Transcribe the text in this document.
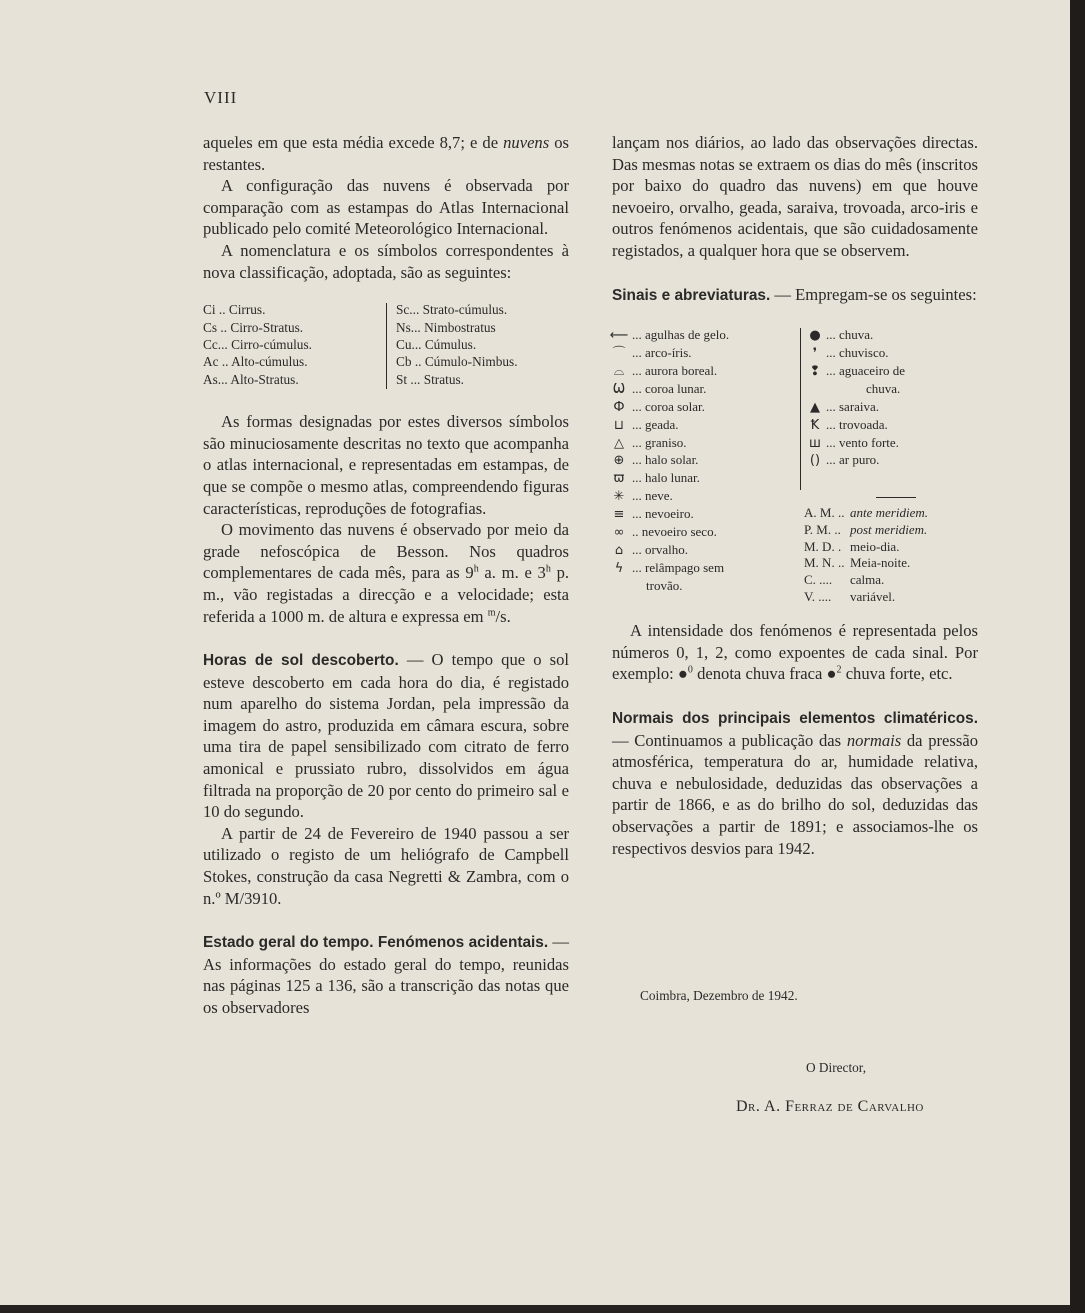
VIII

aqueles em que esta média excede 8,7; e de nuvens os restantes.

A configuração das nuvens é observada por comparação com as estampas do Atlas Internacional publicado pelo comité Meteorológico Internacional.

A nomenclatura e os símbolos correspondentes à nova classificação, adoptada, são as seguintes:

Ci .. Cirrus.
Cs .. Cirro-Stratus.
Cc... Cirro-cúmulus.
Ac .. Alto-cúmulus.
As... Alto-Stratus.
Sc... Strato-cúmulus.
Ns... Nimbostratus
Cu... Cúmulus.
Cb .. Cúmulo-Nimbus.
St ... Stratus.

As formas designadas por estes diversos símbolos são minuciosamente descritas no texto que acompanha o atlas internacional, e representadas em estampas, de que se compõe o mesmo atlas, compreendendo figuras características, reproduções de fotografias.

O movimento das nuvens é observado por meio da grade nefoscópica de Besson. Nos quadros complementares de cada mês, para as 9$^h$ a. m. e 3$^h$ p. m., vão registadas a direcção e a velocidade; esta referida a 1000 m. de altura e expressa em $^m$/s.

Horas de sol descoberto. — O tempo que o sol esteve descoberto em cada hora do dia, é registado num aparelho do sistema Jordan, pela impressão da imagem do astro, produzida em câmara escura, sobre uma tira de papel sensibilizado com citrato de ferro amonical e prussiato rubro, dissolvidos em água filtrada na proporção de 20 por cento do primeiro sal e 10 do segundo.

A partir de 24 de Fevereiro de 1940 passou a ser utilizado o registo de um heliógrafo de Campbell Stokes, construção da casa Negretti & Zambra, com o n.º M/3910.

Estado geral do tempo. Fenómenos acidentais. — As informações do estado geral do tempo, reunidas nas páginas 125 a 136, são a transcrição das notas que os observadores

lançam nos diários, ao lado das observações directas. Das mesmas notas se extraem os dias do mês (inscritos por baixo do quadro das nuvens) em que houve nevoeiro, orvalho, geada, saraiva, trovoada, arco-iris e outros fenómenos acidentais, que são cuidadosamente registados, a qualquer hora que se observem.

Sinais e abreviaturas. — Empregam-se os seguintes:

⟵ ... agulhas de gelo.
⌒ ... arco-íris.
⌓ ... aurora boreal.
Ѡ ... coroa lunar.
Ф ... coroa solar.
⊔ ... geada.
△ ... graniso.
⊕ ... halo solar.
ϖ ... halo lunar.
✳ ... neve.
≡ ... nevoeiro.
∞ .. nevoeiro seco.
⌂ ... orvalho.
ϟ ... relâmpago sem
trovão.
● ... chuva.
❜ ... chuvisco.
❢ ... aguaceiro de
chuva.
▲ ... saraiva.
Ꝁ ... trovoada.
ш ... vento forte.
() ... ar puro.
A. M. .. ante meridiem.
P. M. .. post meridiem.
M. D. . meio-dia.
M. N. .. Meia-noite.
C. .... calma.
V. .... variável.

A intensidade dos fenómenos é representada pelos números 0, 1, 2, como expoentes de cada sinal. Por exemplo: ●$^0$ denota chuva fraca ●$^2$ chuva forte, etc.

Normais dos principais elementos climatéricos. — Continuamos a publicação das normais da pressão atmosférica, temperatura do ar, humidade relativa, chuva e nebulosidade, deduzidas das observações a partir de 1866, e as do brilho do sol, deduzidas das observações a partir de 1891; e associamos-lhe os respectivos desvios para 1942.

Coimbra, Dezembro de 1942.
O Director,
Dr. A. Ferraz de Carvalho
